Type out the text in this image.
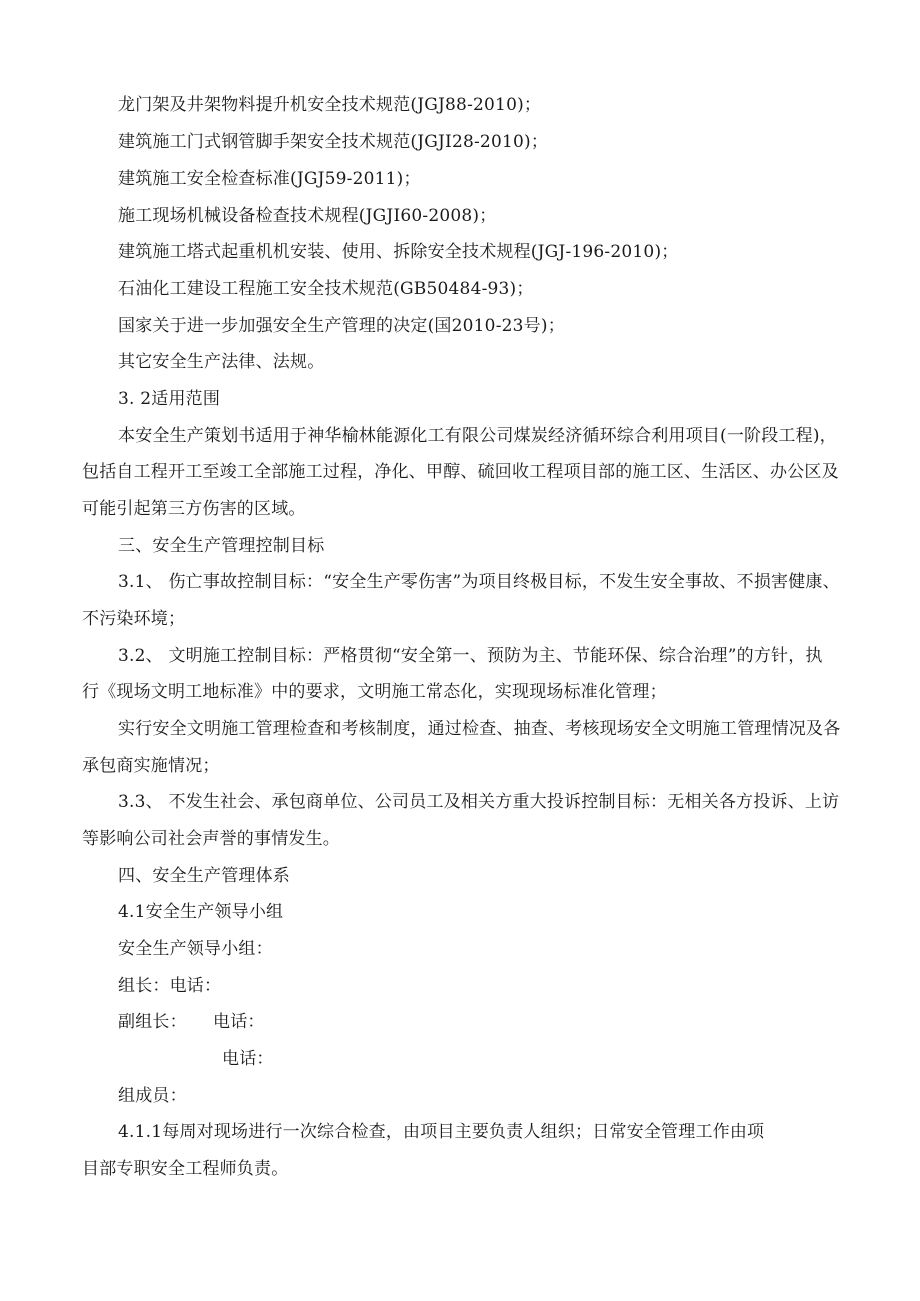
龙门架及井架物料提升机安全技术规范(JGJ88-2010)；
建筑施工门式钢管脚手架安全技术规范(JGJI28-2010)；
建筑施工安全检查标准(JGJ59-2011)；
施工现场机械设备检查技术规程(JGJI60-2008)；
建筑施工塔式起重机机安装、使用、拆除安全技术规程(JGJ-196-2010)；
石油化工建设工程施工安全技术规范(GB50484-93)；
国家关于进一步加强安全生产管理的决定(国2010-23号)；
其它安全生产法律、法规。
3. 2适用范围
本安全生产策划书适用于神华榆林能源化工有限公司煤炭经济循环综合利用项目(一阶段工程)，
包括自工程开工至竣工全部施工过程，净化、甲醇、硫回收工程项目部的施工区、生活区、办公区及
可能引起第三方伤害的区域。
三、安全生产管理控制目标
3.1、 伤亡事故控制目标：“安全生产零伤害”为项目终极目标，不发生安全事故、不损害健康、
不污染环境；
3.2、 文明施工控制目标：严格贯彻“安全第一、预防为主、节能环保、综合治理”的方针，执
行《现场文明工地标准》中的要求，文明施工常态化，实现现场标准化管理；
实行安全文明施工管理检查和考核制度，通过检查、抽查、考核现场安全文明施工管理情况及各
承包商实施情况；
3.3、 不发生社会、承包商单位、公司员工及相关方重大投诉控制目标：无相关各方投诉、上访
等影响公司社会声誉的事情发生。
四、安全生产管理体系
4.1安全生产领导小组
安全生产领导小组：
组长：电话：
副组长： 电话：
电话：
组成员：
4.1.1每周对现场进行一次综合检查，由项目主要负责人组织；日常安全管理工作由项
目部专职安全工程师负责。
